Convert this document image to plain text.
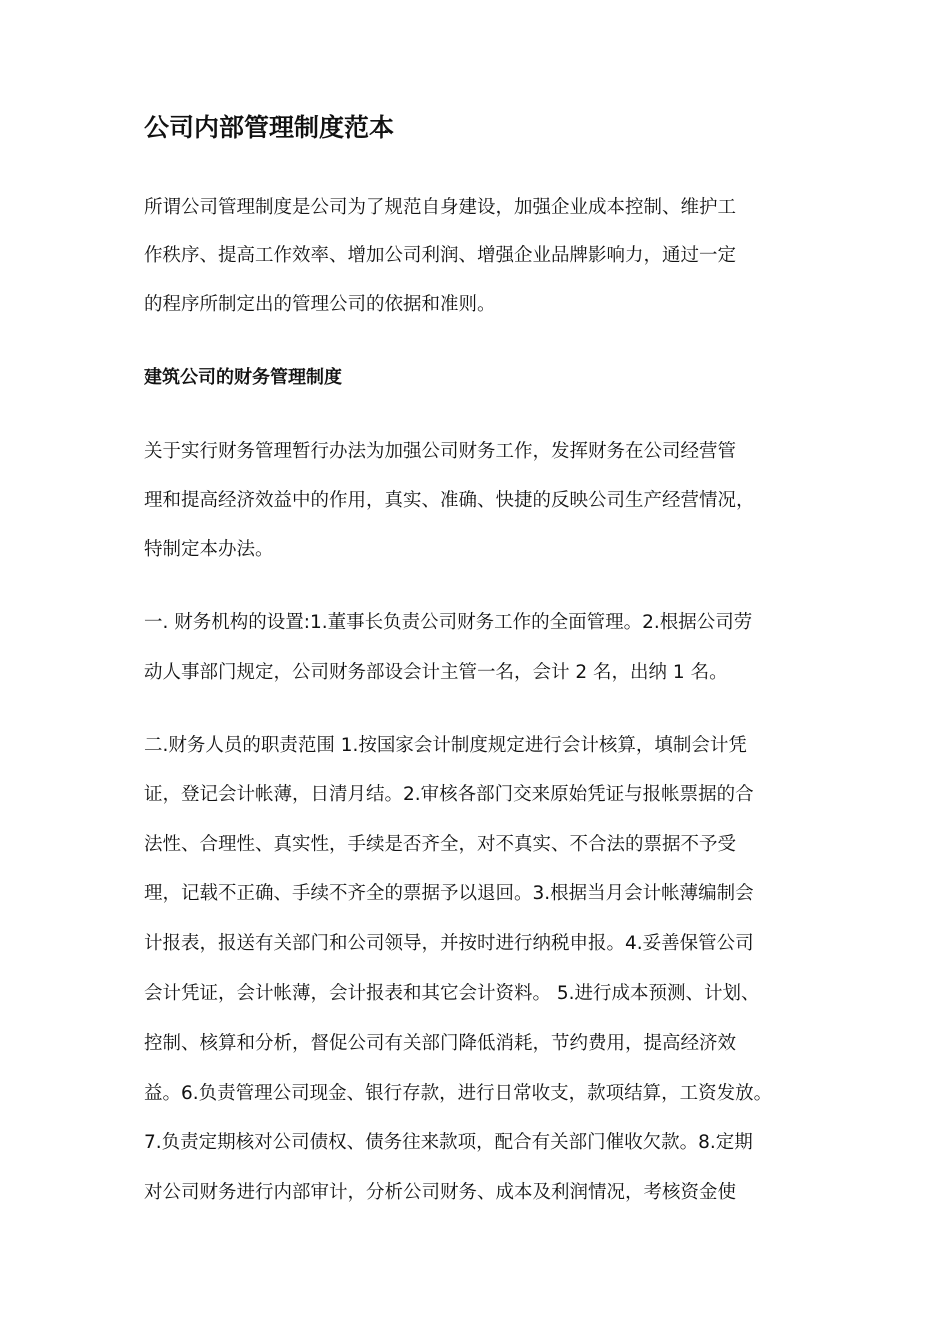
公司内部管理制度范本

所谓公司管理制度是公司为了规范自身建设，加强企业成本控制、维护工

作秩序、提高工作效率、增加公司利润、增强企业品牌影响力，通过一定

的程序所制定出的管理公司的依据和准则。

建筑公司的财务管理制度

关于实行财务管理暂行办法为加强公司财务工作，发挥财务在公司经营管

理和提高经济效益中的作用，真实、准确、快捷的反映公司生产经营情况，

特制定本办法。

一. 财务机构的设置:1.董事长负责公司财务工作的全面管理。2.根据公司劳

动人事部门规定，公司财务部设会计主管一名，会计 2 名，出纳 1 名。

二.财务人员的职责范围 1.按国家会计制度规定进行会计核算，填制会计凭

证，登记会计帐薄，日清月结。2.审核各部门交来原始凭证与报帐票据的合

法性、合理性、真实性，手续是否齐全，对不真实、不合法的票据不予受

理，记载不正确、手续不齐全的票据予以退回。3.根据当月会计帐薄编制会

计报表，报送有关部门和公司领导，并按时进行纳税申报。4.妥善保管公司

会计凭证，会计帐薄，会计报表和其它会计资料。 5.进行成本预测、计划、

控制、核算和分析，督促公司有关部门降低消耗，节约费用，提高经济效

益。6.负责管理公司现金、银行存款，进行日常收支，款项结算，工资发放。

7.负责定期核对公司债权、债务往来款项，配合有关部门催收欠款。8.定期

对公司财务进行内部审计，分析公司财务、成本及利润情况，考核资金使
